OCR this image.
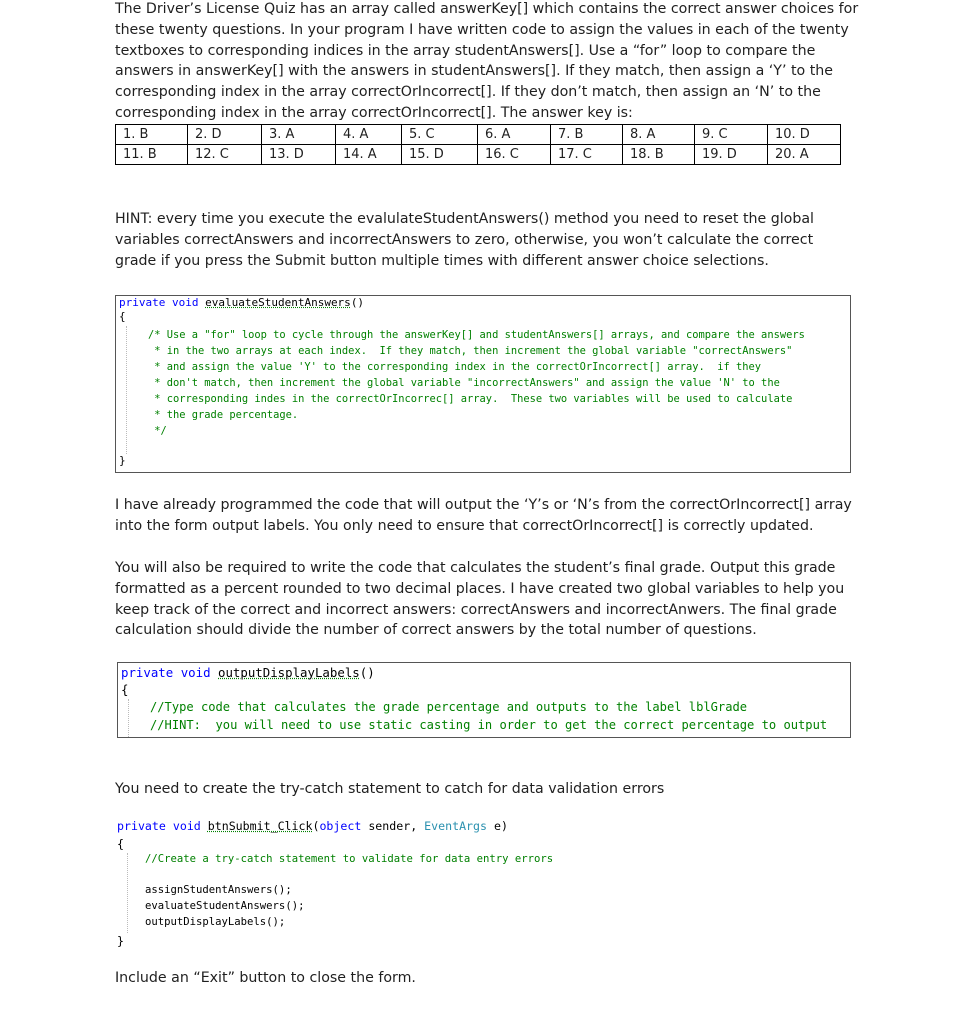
The Driver’s License Quiz has an array called answerKey[] which contains the correct answer choices for
these twenty questions. In your program I have written code to assign the values in each of the twenty
textboxes to corresponding indices in the array studentAnswers[]. Use a “for” loop to compare the
answers in answerKey[] with the answers in studentAnswers[]. If they match, then assign a ‘Y’ to the
corresponding index in the array correctOrIncorrect[]. If they don’t match, then assign an ‘N’ to the
corresponding index in the array correctOrIncorrect[]. The answer key is:

1. B	2. D	3. A	4. A	5. C	6. A	7. B	8. A	9. C	10. D
11. B	12. C	13. D	14. A	15. D	16. C	17. C	18. B	19. D	20. A

HINT: every time you execute the evalulateStudentAnswers() method you need to reset the global
variables correctAnswers and incorrectAnswers to zero, otherwise, you won’t calculate the correct
grade if you press the Submit button multiple times with different answer choice selections.

private void evaluateStudentAnswers()
{
/* Use a "for" loop to cycle through the answerKey[] and studentAnswers[] arrays, and compare the answers
* in the two arrays at each index.  If they match, then increment the global variable "correctAnswers"
* and assign the value 'Y' to the corresponding index in the correctOrIncorrect[] array.  if they
* don't match, then increment the global variable "incorrectAnswers" and assign the value 'N' to the
* corresponding indes in the correctOrIncorrec[] array.  These two variables will be used to calculate
* the grade percentage.
*/
}

I have already programmed the code that will output the ‘Y’s or ‘N’s from the correctOrIncorrect[] array
into the form output labels. You only need to ensure that correctOrIncorrect[] is correctly updated.

You will also be required to write the code that calculates the student’s final grade. Output this grade
formatted as a percent rounded to two decimal places. I have created two global variables to help you
keep track of the correct and incorrect answers: correctAnswers and incorrectAnwers. The final grade
calculation should divide the number of correct answers by the total number of questions.

private void outputDisplayLabels()
{
//Type code that calculates the grade percentage and outputs to the label lblGrade
//HINT:  you will need to use static casting in order to get the correct percentage to output

You need to create the try-catch statement to catch for data validation errors

private void btnSubmit_Click(object sender, EventArgs e)
{
//Create a try-catch statement to validate for data entry errors
assignStudentAnswers();
evaluateStudentAnswers();
outputDisplayLabels();
}

Include an “Exit” button to close the form.
